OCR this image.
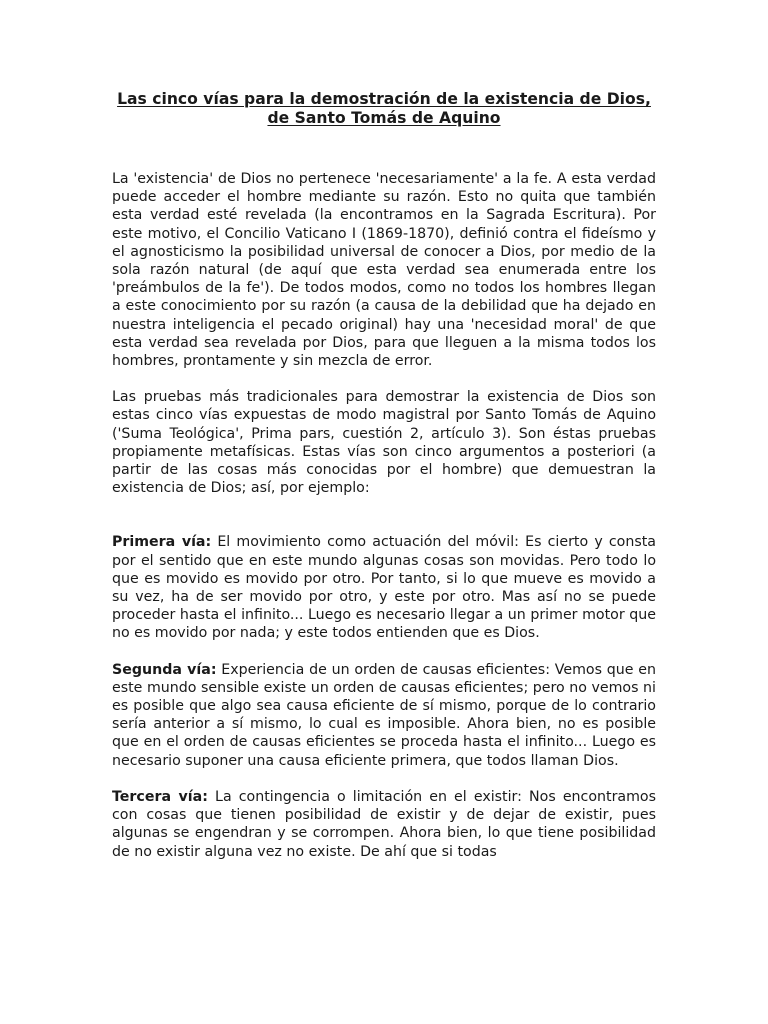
Las cinco vías para la demostración de la existencia de Dios,
de Santo Tomás de Aquino

La 'existencia' de Dios no pertenece 'necesariamente' a la fe. A esta verdad puede acceder el hombre mediante su razón. Esto no quita que también esta verdad esté revelada (la encontramos en la Sagrada Escritura). Por este motivo, el Concilio Vaticano I (1869-1870), definió contra el fideísmo y el agnosticismo la posibilidad universal de conocer a Dios, por medio de la sola razón natural (de aquí que esta verdad sea enumerada entre los 'preámbulos de la fe'). De todos modos, como no todos los hombres llegan a este conocimiento por su razón (a causa de la debilidad que ha dejado en nuestra inteligencia el pecado original) hay una 'necesidad moral' de que esta verdad sea revelada por Dios, para que lleguen a la misma todos los hombres, prontamente y sin mezcla de error.

Las pruebas más tradicionales para demostrar la existencia de Dios son estas cinco vías expuestas de modo magistral por Santo Tomás de Aquino ('Suma Teológica', Prima pars, cuestión 2, artículo 3). Son éstas pruebas propiamente metafísicas. Estas vías son cinco argumentos a posteriori (a partir de las cosas más conocidas por el hombre) que demuestran la existencia de Dios; así, por ejemplo:

Primera vía: El movimiento como actuación del móvil: Es cierto y consta por el sentido que en este mundo algunas cosas son movidas. Pero todo lo que es movido es movido por otro. Por tanto, si lo que mueve es movido a su vez, ha de ser movido por otro, y este por otro. Mas así no se puede proceder hasta el infinito... Luego es necesario llegar a un primer motor que no es movido por nada; y este todos entienden que es Dios.

Segunda vía: Experiencia de un orden de causas eficientes: Vemos que en este mundo sensible existe un orden de causas eficientes; pero no vemos ni es posible que algo sea causa eficiente de sí mismo, porque de lo contrario sería anterior a sí mismo, lo cual es imposible. Ahora bien, no es posible que en el orden de causas eficientes se proceda hasta el infinito... Luego es necesario suponer una causa eficiente primera, que todos llaman Dios.

Tercera vía: La contingencia o limitación en el existir: Nos encontramos con cosas que tienen posibilidad de existir y de dejar de existir, pues algunas se engendran y se corrompen. Ahora bien, lo que tiene posibilidad de no existir alguna vez no existe. De ahí que si todas
